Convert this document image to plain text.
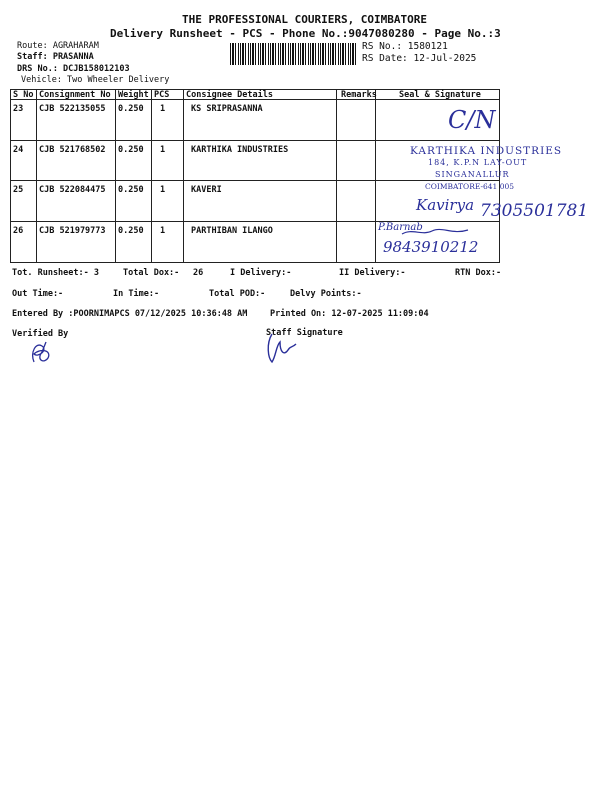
THE PROFESSIONAL COURIERS, COIMBATORE
Delivery Runsheet - PCS - Phone No.:9047080280 - Page No.:3
Route: AGRAHARAM
Staff: PRASANNA
DRS No.: DCJB158012103
Vehicle: Two Wheeler Delivery
RS No.: 1580121
RS Date: 12-Jul-2025
S No Consignment No Weight PCS Consignee Details	Remarks	Seal & Signature
23 CJB 522135055 0.250 1	KS SRIPRASANNA
24 CJB 521768502 0.250 1	KARTHIKA INDUSTRIES
25 CJB 522084475 0.250 1	KAVERI
26 CJB 521979773 0.250 1	PARTHIBAN ILANGO
C/N
KARTHIKA INDUSTRIES
184, K.P.N LAY-OUT
SINGANALLUR
COIMBATORE-641 005
Kavirya 7305501781
P.Barnab
9843910212
Tot. Runsheet:- 3	Total Dox:- 26	I Delivery:-	II Delivery:-	RTN Dox:-
Out Time:-	In Time:-	Total POD:-	Delvy Points:-
Entered By :POORNIMAPCS 07/12/2025 10:36:48 AM	Printed On: 12-07-2025 11:09:04
Verified By	Staff Signature
